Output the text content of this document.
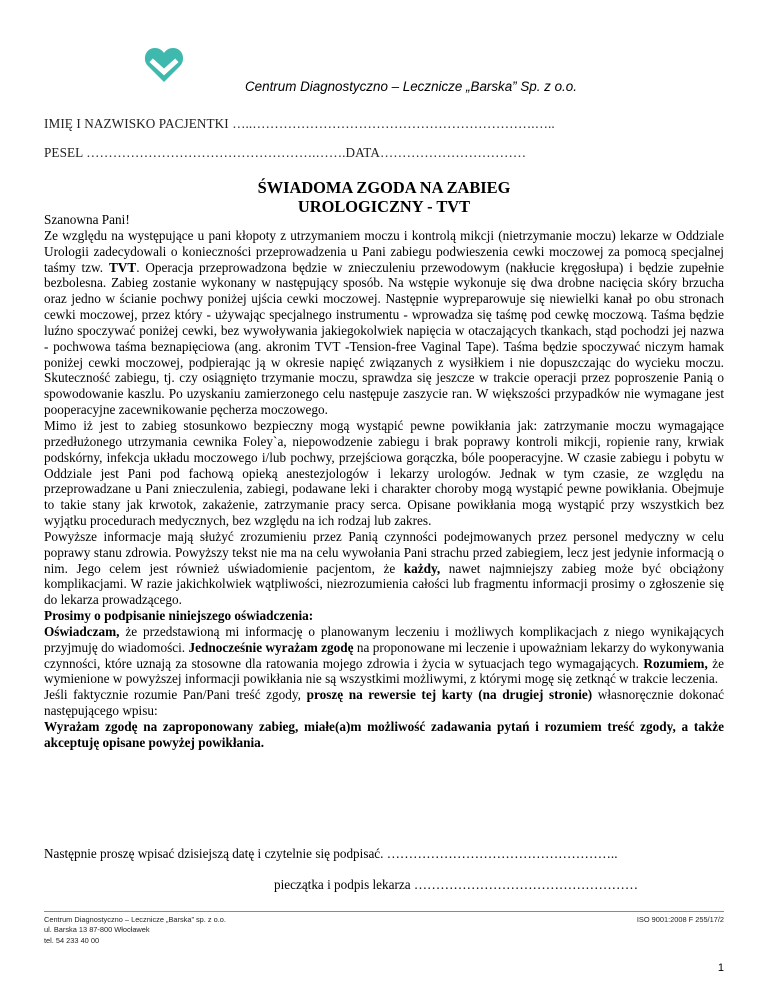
Centrum Diagnostyczno – Lecznicze „Barska” Sp. z o.o.
IMIĘ I NAZWISKO PACJENTKI …..……………………………………………………….…..
PESEL …………………………………………….…….DATA……………………………
ŚWIADOMA ZGODA NA ZABIEG
UROLOGICZNY - TVT

Szanowna Pani!

Ze względu na występujące u pani kłopoty z utrzymaniem moczu i kontrolą mikcji (nietrzymanie moczu) lekarze w Oddziale Urologii zadecydowali o konieczności przeprowadzenia u Pani zabiegu podwieszenia cewki moczowej za pomocą specjalnej taśmy tzw. TVT. Operacja przeprowadzona będzie w znieczuleniu przewodowym (nakłucie kręgosłupa) i będzie zupełnie bezbolesna. Zabieg zostanie wykonany w następujący sposób. Na wstępie wykonuje się dwa drobne nacięcia skóry brzucha oraz jedno w ścianie pochwy poniżej ujścia cewki moczowej. Następnie wypreparowuje się niewielki kanał po obu stronach cewki moczowej, przez który - używając specjalnego instrumentu - wprowadza się taśmę pod cewkę moczową. Taśma będzie luźno spoczywać poniżej cewki, bez wywoływania jakiegokolwiek napięcia w otaczających tkankach, stąd pochodzi jej nazwa - pochwowa taśma beznapięciowa (ang. akronim TVT -Tension-free Vaginal Tape). Taśma będzie spoczywać niczym hamak poniżej cewki moczowej, podpierając ją w okresie napięć związanych z wysiłkiem i nie dopuszczając do wycieku moczu. Skuteczność zabiegu, tj. czy osiągnięto trzymanie moczu, sprawdza się jeszcze w trakcie operacji przez poproszenie Panią o spowodowanie kaszlu. Po uzyskaniu zamierzonego celu następuje zaszycie ran. W większości przypadków nie wymagane jest pooperacyjne zacewnikowanie pęcherza moczowego.

Mimo iż jest to zabieg stosunkowo bezpieczny mogą wystąpić pewne powikłania jak: zatrzymanie moczu wymagające przedłużonego utrzymania cewnika Foley`a, niepowodzenie zabiegu i brak poprawy kontroli mikcji, ropienie rany, krwiak podskórny, infekcja układu moczowego i/lub pochwy, przejściowa gorączka, bóle pooperacyjne. W czasie zabiegu i pobytu w Oddziale jest Pani pod fachową opieką anestezjologów i lekarzy urologów. Jednak w tym czasie, ze względu na przeprowadzane u Pani znieczulenia, zabiegi, podawane leki i charakter choroby mogą wystąpić pewne powikłania. Obejmuje to takie stany jak krwotok, zakażenie, zatrzymanie pracy serca. Opisane powikłania mogą wystąpić przy wszystkich bez wyjątku procedurach medycznych, bez względu na ich rodzaj lub zakres.

Powyższe informacje mają służyć zrozumieniu przez Panią czynności podejmowanych przez personel medyczny w celu poprawy stanu zdrowia. Powyższy tekst nie ma na celu wywołania Pani strachu przed zabiegiem, lecz jest jedynie informacją o nim. Jego celem jest również uświadomienie pacjentom, że każdy, nawet najmniejszy zabieg może być obciążony komplikacjami. W razie jakichkolwiek wątpliwości, niezrozumienia całości lub fragmentu informacji prosimy o zgłoszenie się do lekarza prowadzącego.

Prosimy o podpisanie niniejszego oświadczenia:

Oświadczam, że przedstawioną mi informację o planowanym leczeniu i możliwych komplikacjach z niego wynikających przyjmuję do wiadomości. Jednocześnie wyrażam zgodę na proponowane mi leczenie i upoważniam lekarzy do wykonywania czynności, które uznają za stosowne dla ratowania mojego zdrowia i życia w sytuacjach tego wymagających. Rozumiem, że wymienione w powyższej informacji powikłania nie są wszystkimi możliwymi, z którymi mogę się zetknąć w trakcie leczenia.

Jeśli faktycznie rozumie Pan/Pani treść zgody, proszę na rewersie tej karty (na drugiej stronie) własnoręcznie dokonać następującego wpisu:

Wyrażam zgodę na zaproponowany zabieg, miałe(a)m możliwość zadawania pytań i rozumiem treść zgody, a także akceptuję opisane powyżej powikłania.

Następnie proszę wpisać dzisiejszą datę i czytelnie się podpisać. ……………………………………………..
pieczątka i podpis lekarza ……………………………………………
Centrum Diagnostyczno – Lecznicze „Barska” sp. z o.o.
ul. Barska 13 87-800 Włocławek
tel. 54 233 40 00
ISO 9001:2008 F 255/17/2
1
